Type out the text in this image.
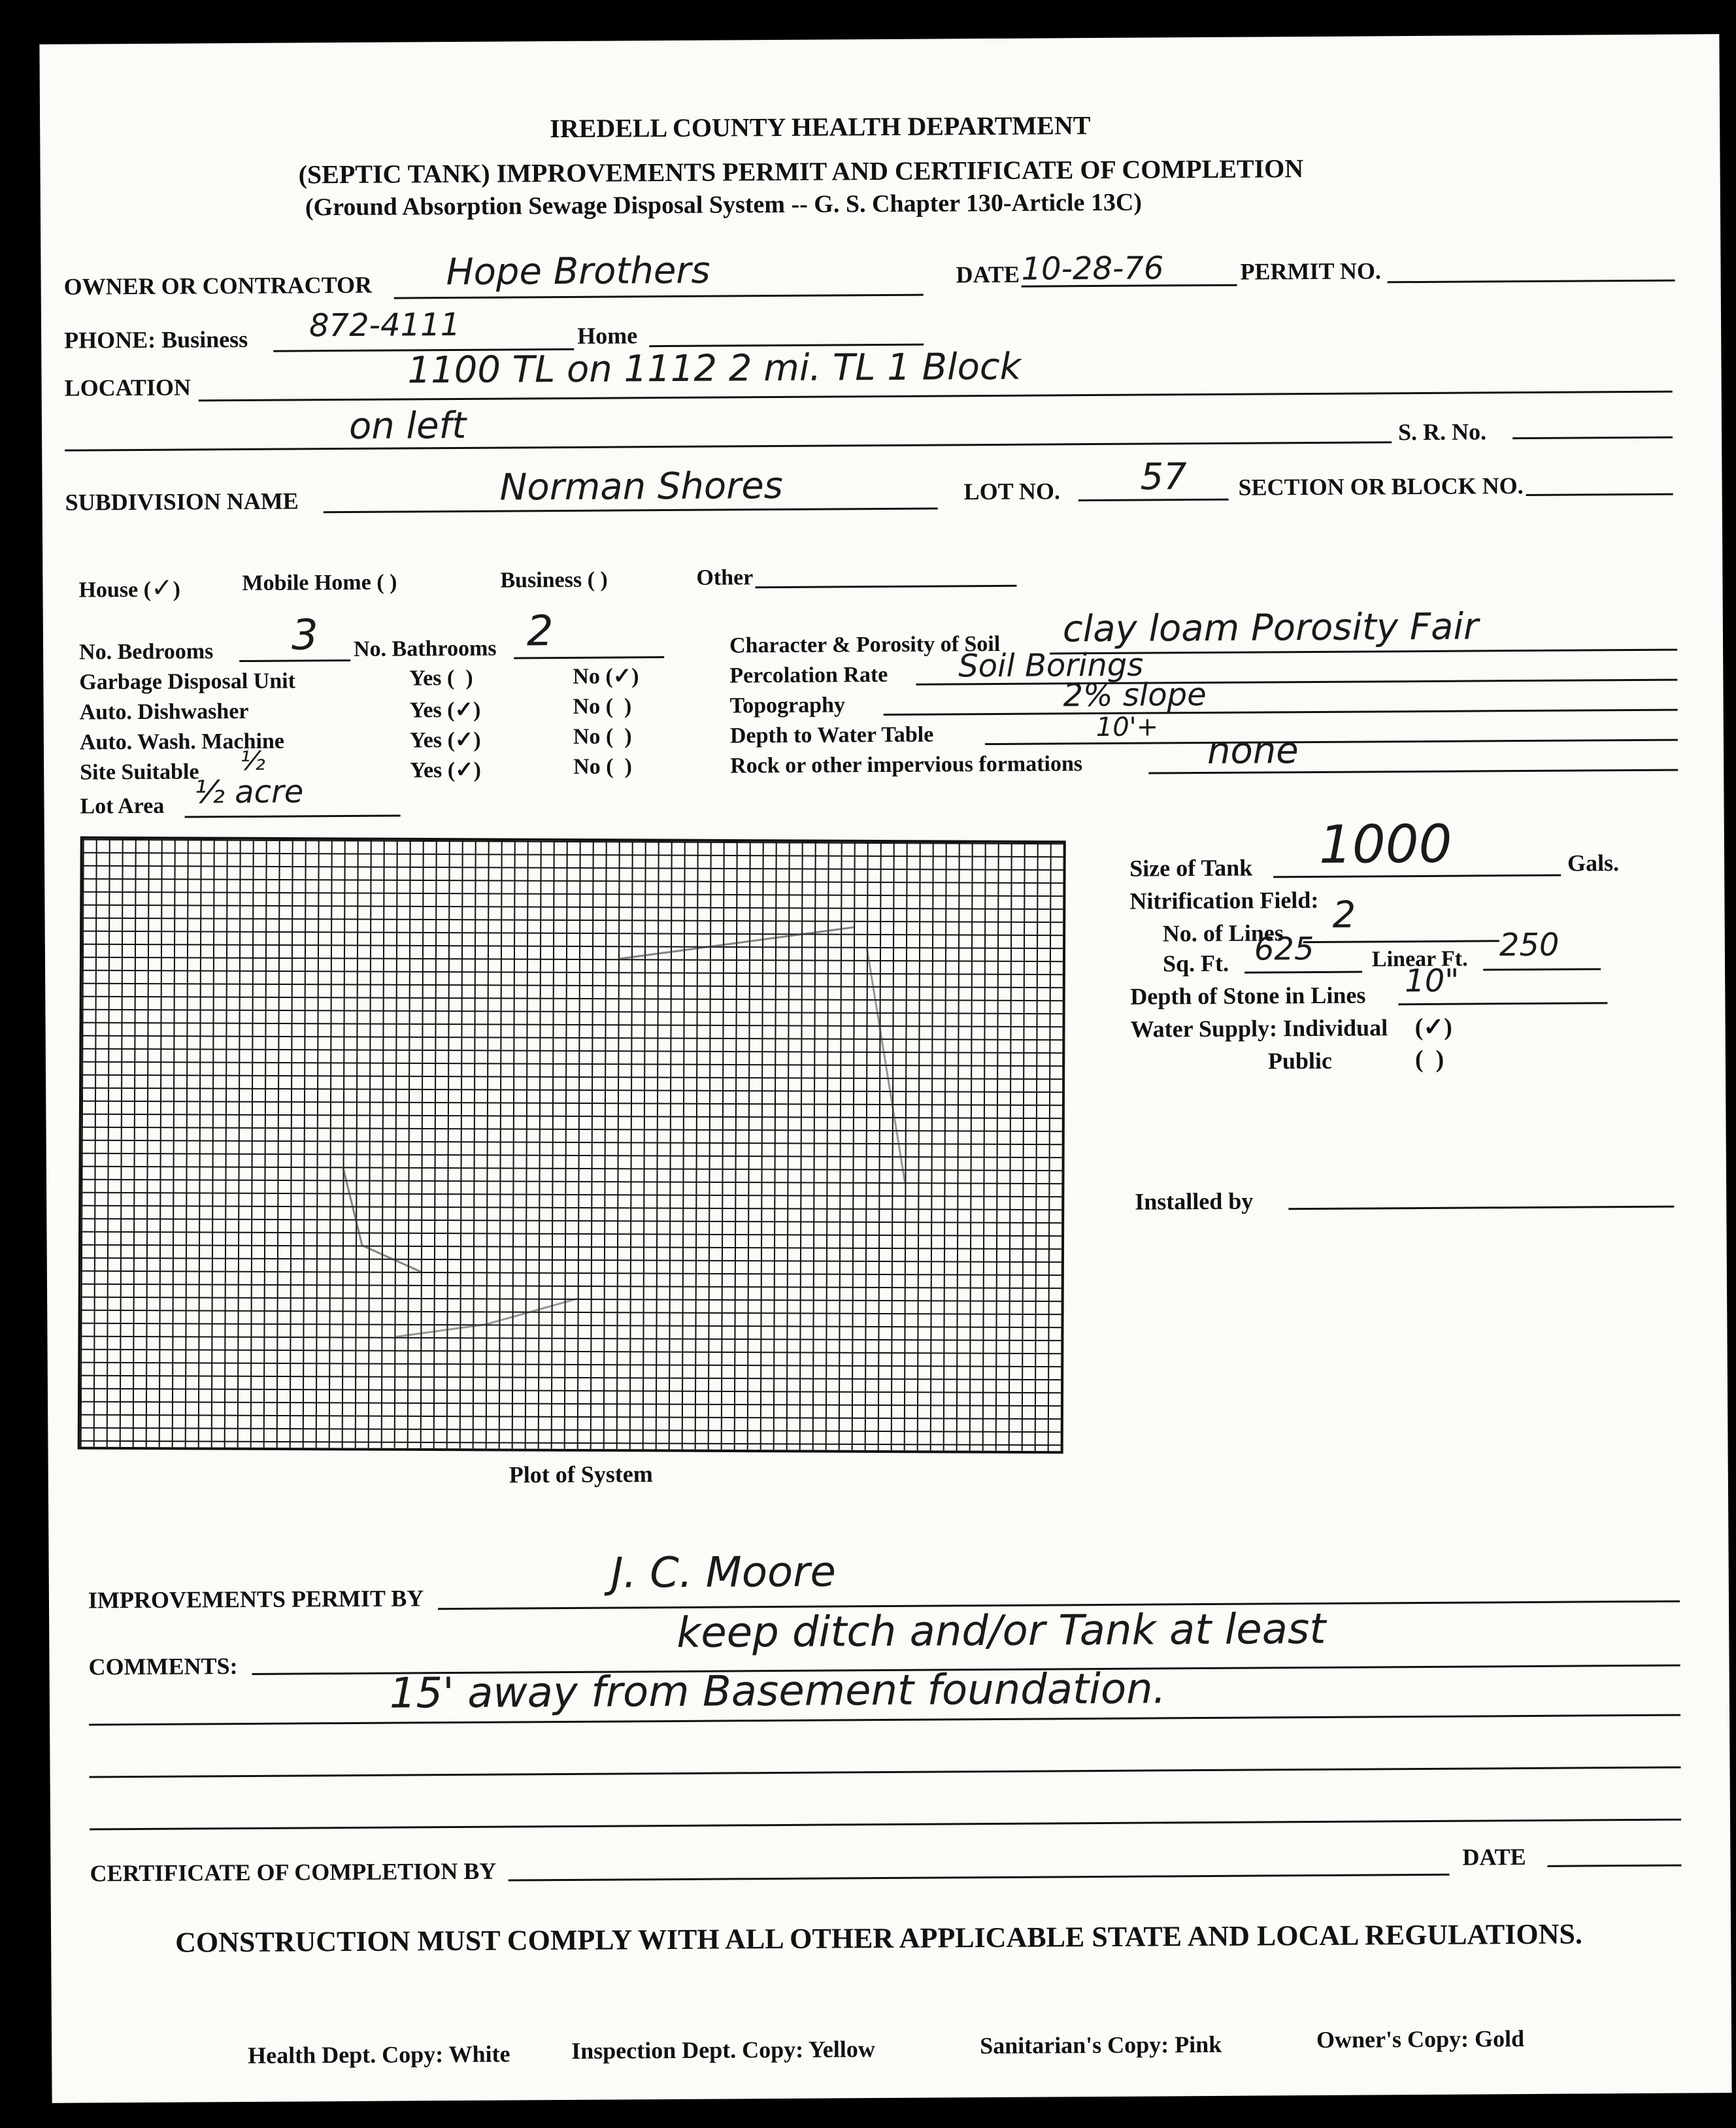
IREDELL COUNTY HEALTH DEPARTMENT
(SEPTIC TANK) IMPROVEMENTS PERMIT AND CERTIFICATE OF COMPLETION
(Ground Absorption Sewage Disposal System -- G. S. Chapter 130-Article 13C)
OWNER OR CONTRACTOR Hope Brothers	DATE 10-28-76	PERMIT NO.
PHONE: Business 872-4111	Home
LOCATION	1100 TL on 1112 2 mi. TL 1 Block
on left	S. R. No.
SUBDIVISION NAME	Norman Shores	LOT NO. 57 SECTION OR BLOCK NO.
House (✓)	Mobile Home ( )	Business ( )	Other
No. Bedrooms 3 No. Bathrooms 2
Garbage Disposal Unit	Yes (  )	No (✓)
Auto. Dishwasher	Yes (✓)	No (  )
Auto. Wash. Machine	Yes (✓)	No (  )
Site Suitable ½	Yes (✓)	No (  )
Lot Area ½ acre
Character & Porosity of Soil clay loam Porosity Fair
Percolation Rate Soil Borings
Topography	2% slope
Depth to Water Table	10'+
Rock or other impervious formations	none
Plot of System
Size of Tank 1000	Gals.
Nitrification Field:
No. of Lines 2
Sq. Ft. 625	Linear Ft. 250
Depth of Stone in Lines 10"
Water Supply: Individual (✓)
Public	(  )
Installed by
IMPROVEMENTS PERMIT BY
J. C. Moore
COMMENTS:
keep ditch and/or Tank at least
15' away from Basement foundation.
CERTIFICATE OF COMPLETION BY
DATE
CONSTRUCTION MUST COMPLY WITH ALL OTHER APPLICABLE STATE AND LOCAL REGULATIONS.
Health Dept. Copy: White	Inspection Dept. Copy: Yellow	Sanitarian's Copy: Pink	Owner's Copy: Gold
